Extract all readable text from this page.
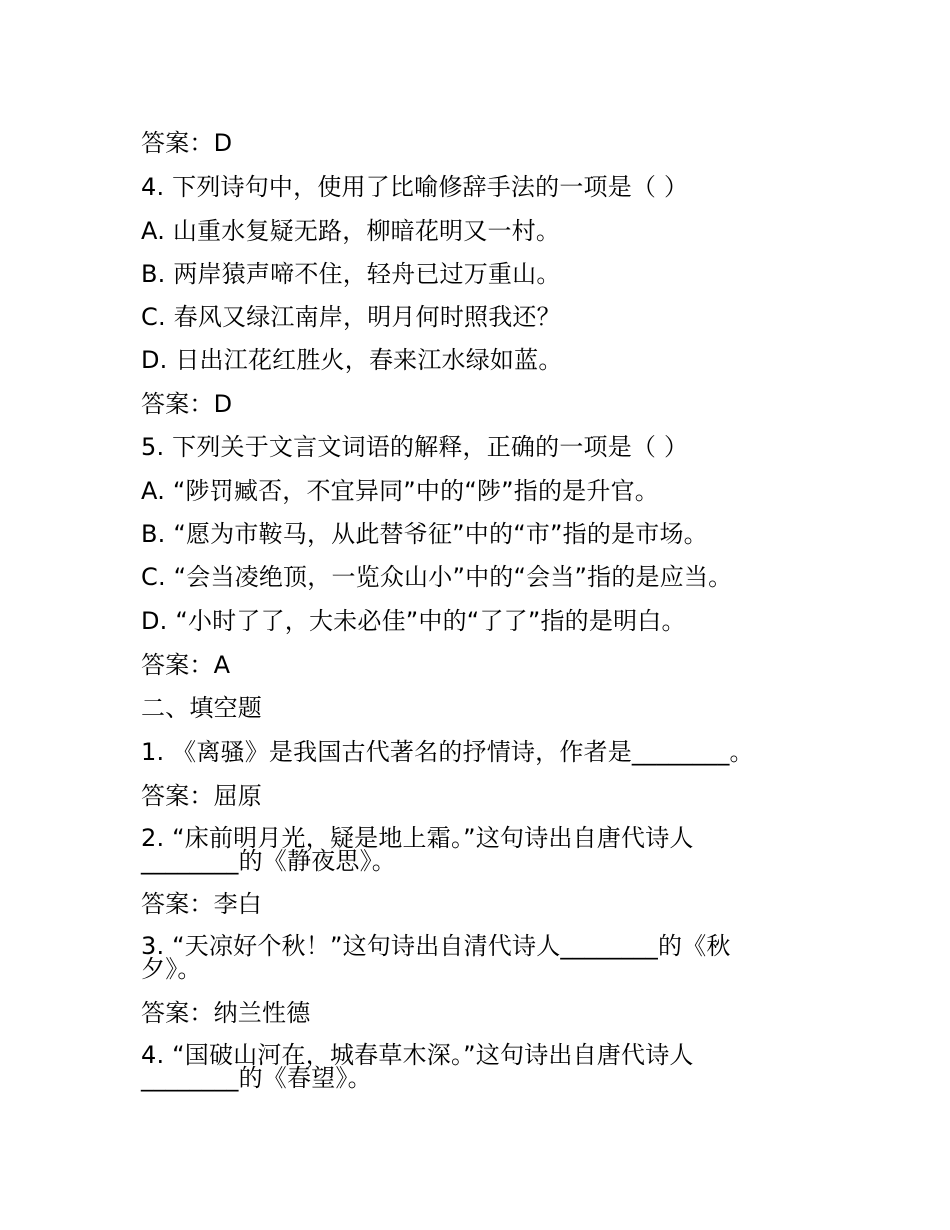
答案：D
4. 下列诗句中，使用了比喻修辞手法的一项是（ ）
A. 山重水复疑无路，柳暗花明又一村。
B. 两岸猿声啼不住，轻舟已过万重山。
C. 春风又绿江南岸，明月何时照我还？
D. 日出江花红胜火，春来江水绿如蓝。
答案：D
5. 下列关于文言文词语的解释，正确的一项是（ ）
A. “陟罚臧否，不宜异同”中的“陟”指的是升官。
B. “愿为市鞍马，从此替爷征”中的“市”指的是市场。
C. “会当凌绝顶，一览众山小”中的“会当”指的是应当。
D. “小时了了，大未必佳”中的“了了”指的是明白。
答案：A
二、填空题
1. 《离骚》是我国古代著名的抒情诗，作者是________。
答案：屈原
2. “床前明月光，疑是地上霜。”这句诗出自唐代诗人
________的《静夜思》。
答案：李白
3. “天凉好个秋！”这句诗出自清代诗人________的《秋
夕》。
答案：纳兰性德
4. “国破山河在，城春草木深。”这句诗出自唐代诗人
________的《春望》。
